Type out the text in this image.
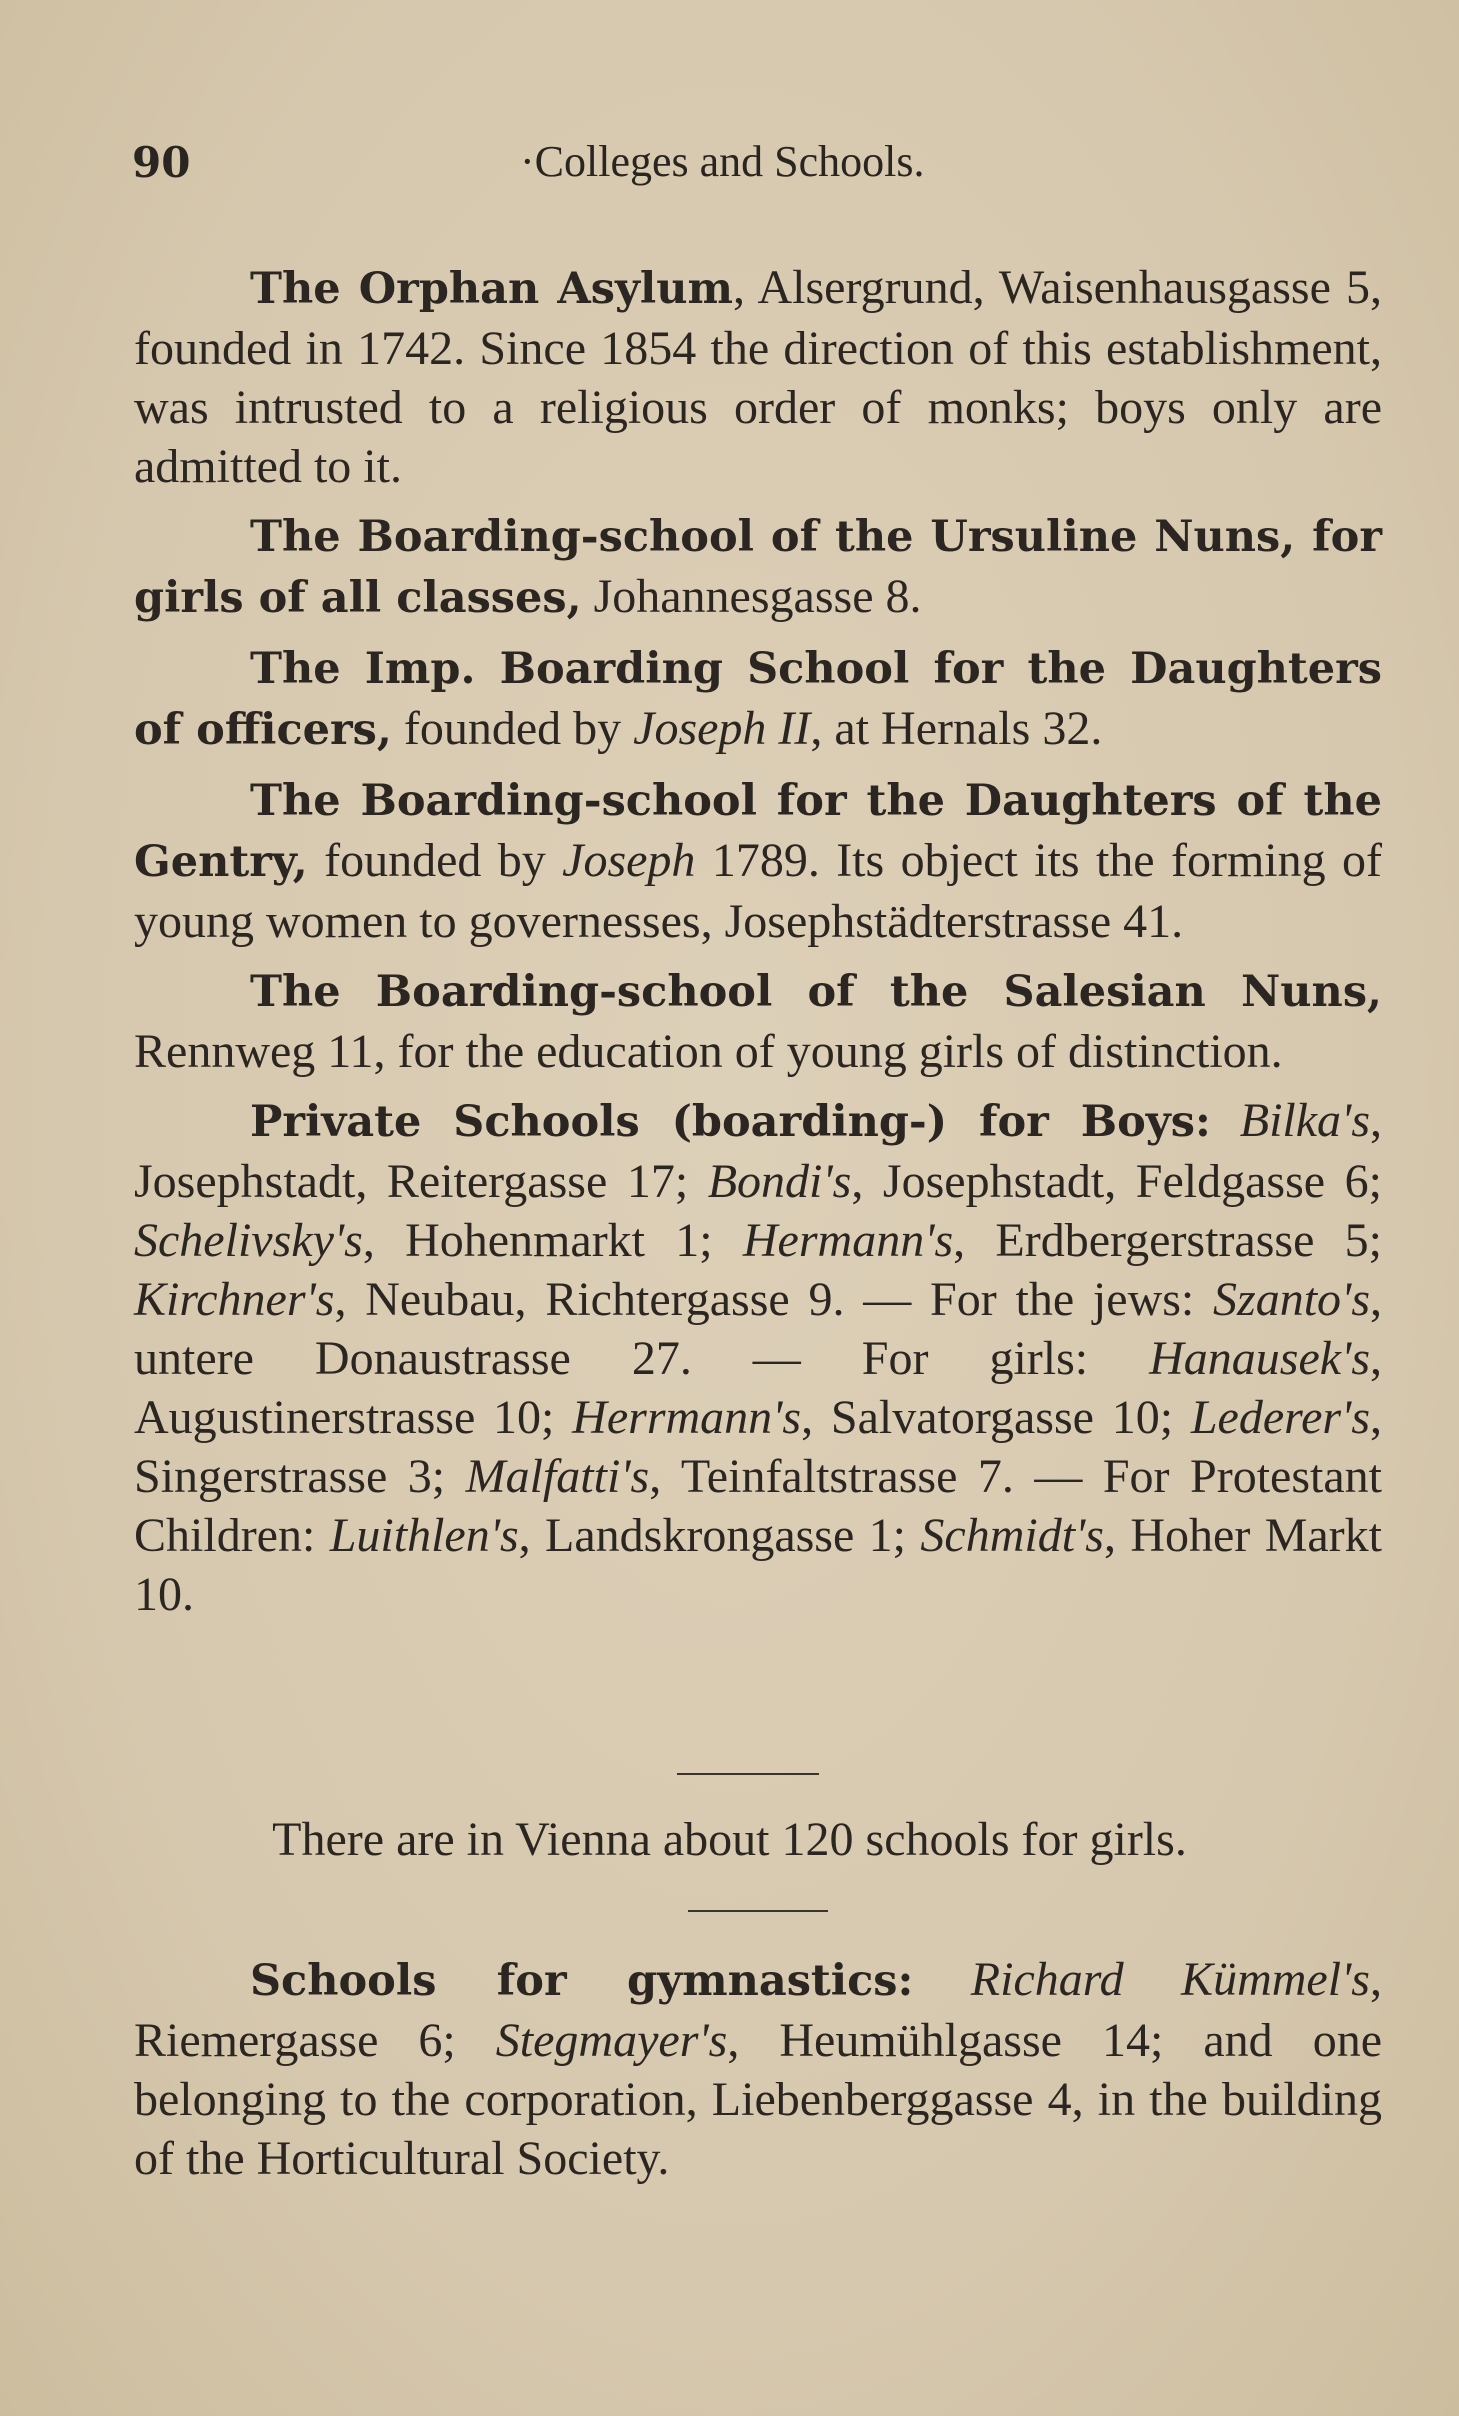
90	·Colleges and Schools.

The Orphan Asylum, Alsergrund, Waisenhausgasse 5, founded in 1742. Since 1854 the direction of this establishment, was intrusted to a religious order of monks; boys only are admitted to it.

The Boarding-school of the Ursuline Nuns, for girls of all classes, Johannesgasse 8.

The Imp. Boarding School for the Daughters of officers, founded by Joseph II, at Hernals 32.

The Boarding-school for the Daughters of the Gentry, founded by Joseph 1789. Its object its the forming of young women to governesses, Josephstädterstrasse 41.

The Boarding-school of the Salesian Nuns, Rennweg 11, for the education of young girls of distinction.

Private Schools (boarding-) for Boys: Bilka's, Josephstadt, Reitergasse 17; Bondi's, Josephstadt, Feldgasse 6; Schelivsky's, Hohenmarkt 1; Hermann's, Erdbergerstrasse 5; Kirchner's, Neubau, Richtergasse 9. — For the jews: Szanto's, untere Donaustrasse 27. — For girls: Hanausek's, Augustinerstrasse 10; Herrmann's, Salvatorgasse 10; Lederer's, Singerstrasse 3; Malfatti's, Teinfaltstrasse 7. — For Protestant Children: Luithlen's, Landskrongasse 1; Schmidt's, Hoher Markt 10.

There are in Vienna about 120 schools for girls.

Schools for gymnastics: Richard Kümmel's, Riemergasse 6; Stegmayer's, Heumühlgasse 14; and one belonging to the corporation, Liebenberggasse 4, in the building of the Horticultural Society.
